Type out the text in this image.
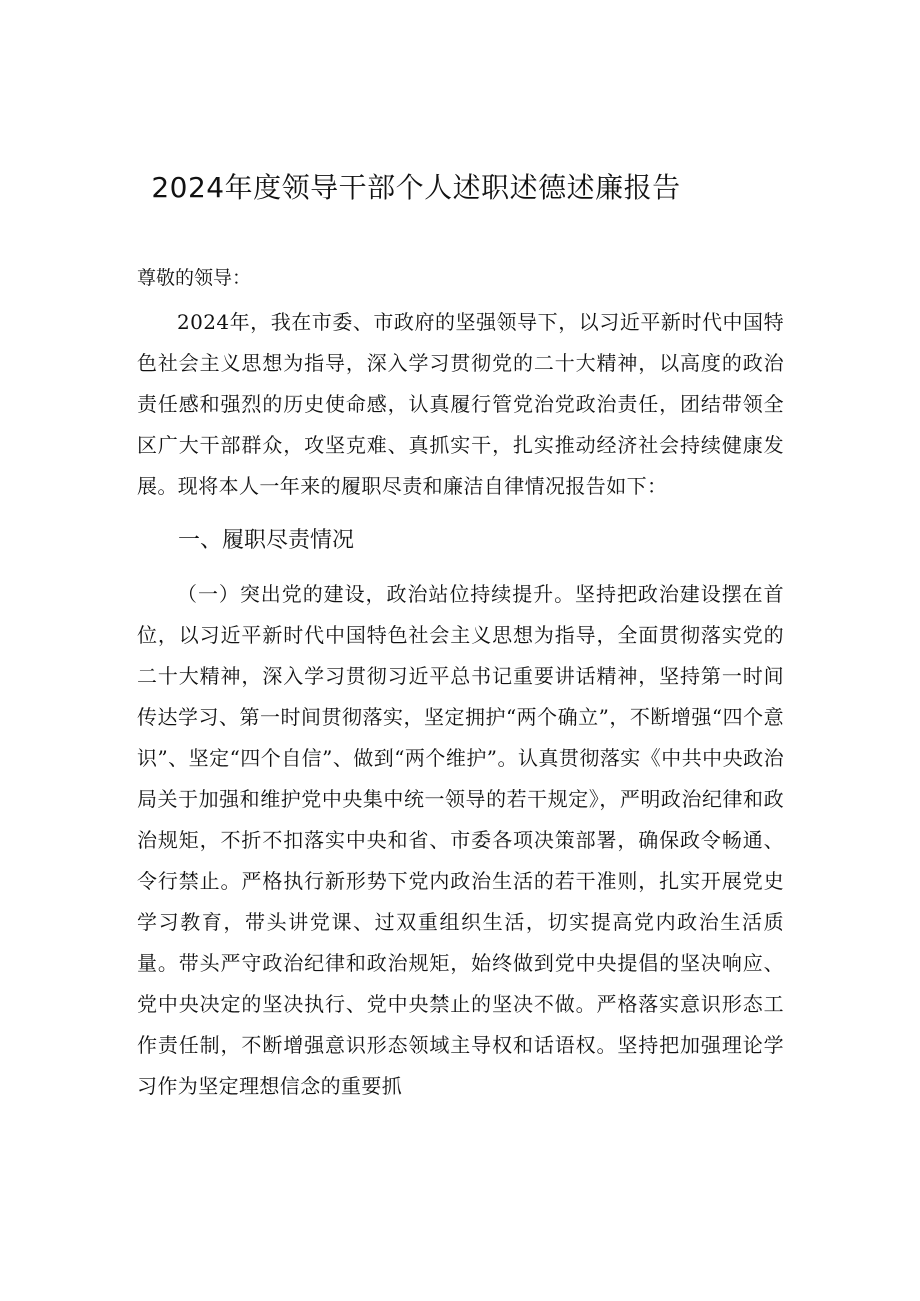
2024年度领导干部个人述职述德述廉报告
尊敬的领导：

2024年，我在市委、市政府的坚强领导下，以习近平新时代中国特色社会主义思想为指导，深入学习贯彻党的二十大精神，以高度的政治责任感和强烈的历史使命感，认真履行管党治党政治责任，团结带领全区广大干部群众，攻坚克难、真抓实干，扎实推动经济社会持续健康发展。现将本人一年来的履职尽责和廉洁自律情况报告如下：

一、履职尽责情况

（一）突出党的建设，政治站位持续提升。坚持把政治建设摆在首位，以习近平新时代中国特色社会主义思想为指导，全面贯彻落实党的二十大精神，深入学习贯彻习近平总书记重要讲话精神，坚持第一时间传达学习、第一时间贯彻落实，坚定拥护“两个确立”，不断增强“四个意识”、坚定“四个自信”、做到“两个维护”。认真贯彻落实《中共中央政治局关于加强和维护党中央集中统一领导的若干规定》，严明政治纪律和政治规矩，不折不扣落实中央和省、市委各项决策部署，确保政令畅通、令行禁止。严格执行新形势下党内政治生活的若干准则，扎实开展党史学习教育，带头讲党课、过双重组织生活，切实提高党内政治生活质量。带头严守政治纪律和政治规矩，始终做到党中央提倡的坚决响应、党中央决定的坚决执行、党中央禁止的坚决不做。严格落实意识形态工作责任制，不断增强意识形态领域主导权和话语权。坚持把加强理论学习作为坚定理想信念的重要抓
